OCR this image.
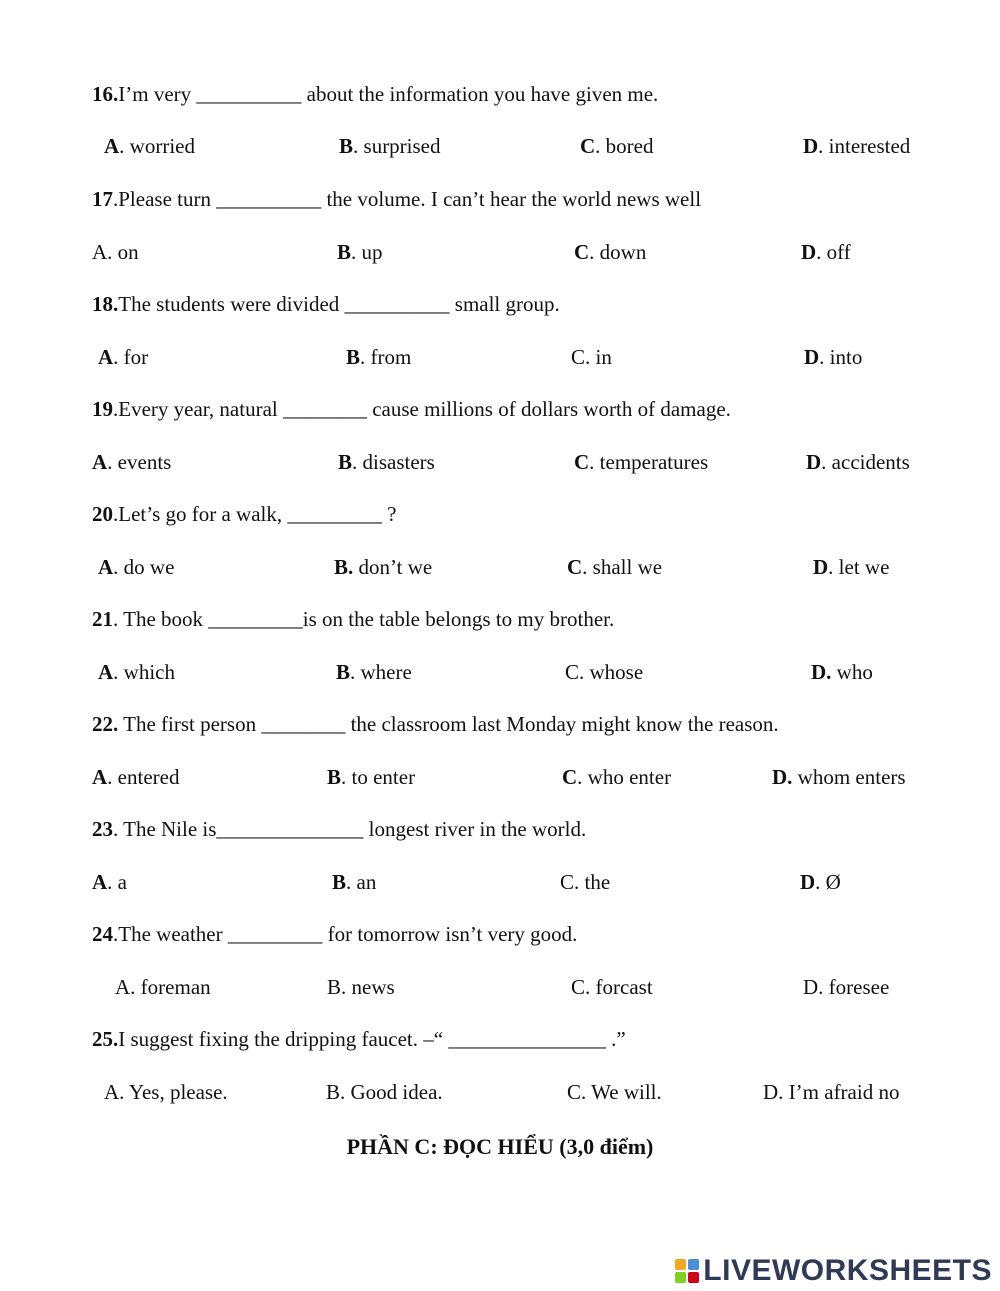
16.I’m very __________ about the information you have given me.
A. worried	B. surprised	C. bored	D. interested
17.Please turn __________ the volume. I can’t hear the world news well
A. on	B. up	C. down	D. off
18.The students were divided __________ small group.
A. for	B. from	C. in	D. into
19.Every year, natural ________ cause millions of dollars worth of damage.
A. events	B. disasters	C. temperatures	D. accidents
20.Let’s go for a walk, _________ ?
A. do we	B. don’t we	C. shall we	D. let we
21. The book _________is on the table belongs to my brother.
A. which	B. where	C. whose	D. who
22. The first person ________ the classroom last Monday might know the reason.
A. entered	B. to enter	C. who enter	D. whom enters
23. The Nile is______________ longest river in the world.
A. a	B. an	C. the	D. Ø
24.The weather _________ for tomorrow isn’t very good.
A. foreman	B. news	C. forcast	D. foresee
25.I suggest fixing the dripping faucet. –“ _______________ .”
A. Yes, please.	B. Good idea.	C. We will.	D. I’m afraid no
PHẦN C: ĐỌC HIỂU (3,0 điểm)
LIVEWORKSHEETS
